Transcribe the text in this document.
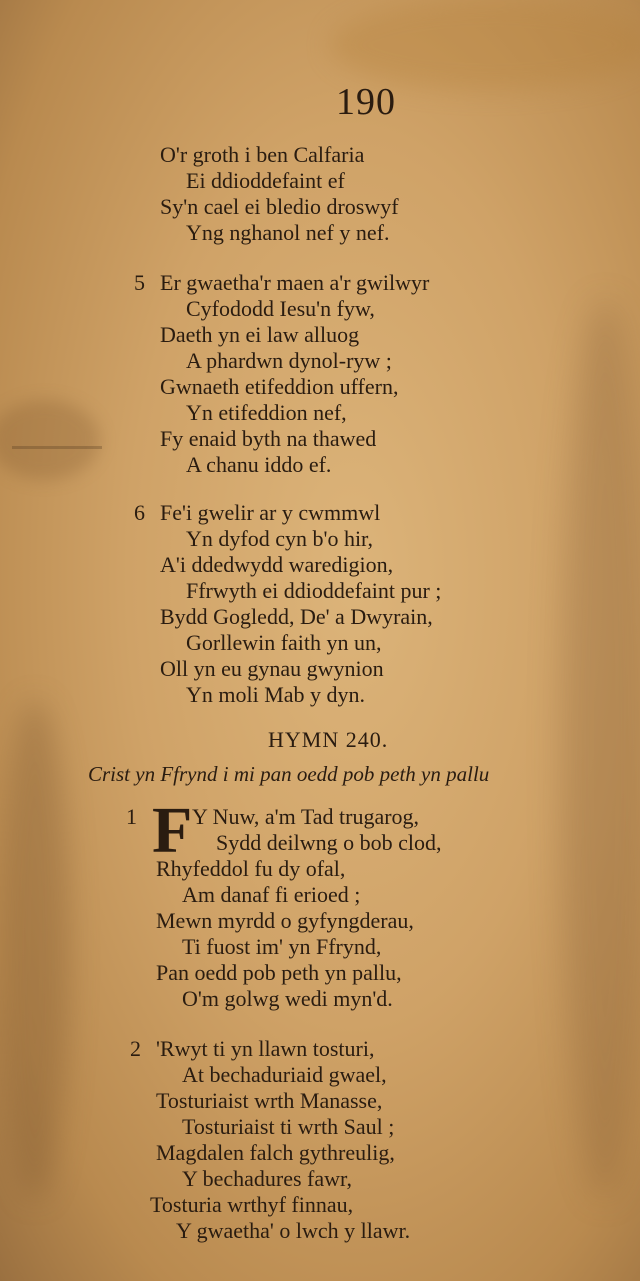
190
O'r groth i ben Calfaria
Ei ddioddefaint ef
Sy'n cael ei bledio droswyf
Yng nghanol nef y nef.
5 Er gwaetha'r maen a'r gwilwyr
Cyfododd Iesu'n fyw,
Daeth yn ei law alluog
A phardwn dynol-ryw ;
Gwnaeth etifeddion uffern,
Yn etifeddion nef,
Fy enaid byth na thawed
A chanu iddo ef.
6 Fe'i gwelir ar y cwmmwl
Yn dyfod cyn b'o hir,
A'i ddedwydd waredigion,
Ffrwyth ei ddioddefaint pur ;
Bydd Gogledd, De' a Dwyrain,
Gorllewin faith yn un,
Oll yn eu gynau gwynion
Yn moli Mab y dyn.
HYMN 240.
Crist yn Ffrynd i mi pan oedd pob peth yn pallu
1 F Y Nuw, a'm Tad trugarog,
Sydd deilwng o bob clod,
Rhyfeddol fu dy ofal,
Am danaf fi erioed ;
Mewn myrdd o gyfyngderau,
Ti fuost im' yn Ffrynd,
Pan oedd pob peth yn pallu,
O'm golwg wedi myn'd.
2 'Rwyt ti yn llawn tosturi,
At bechaduriaid gwael,
Tosturiaist wrth Manasse,
Tosturiaist ti wrth Saul ;
Magdalen falch gythreulig,
Y bechadures fawr,
Tosturia wrthyf finnau,
Y gwaetha' o lwch y llawr.
